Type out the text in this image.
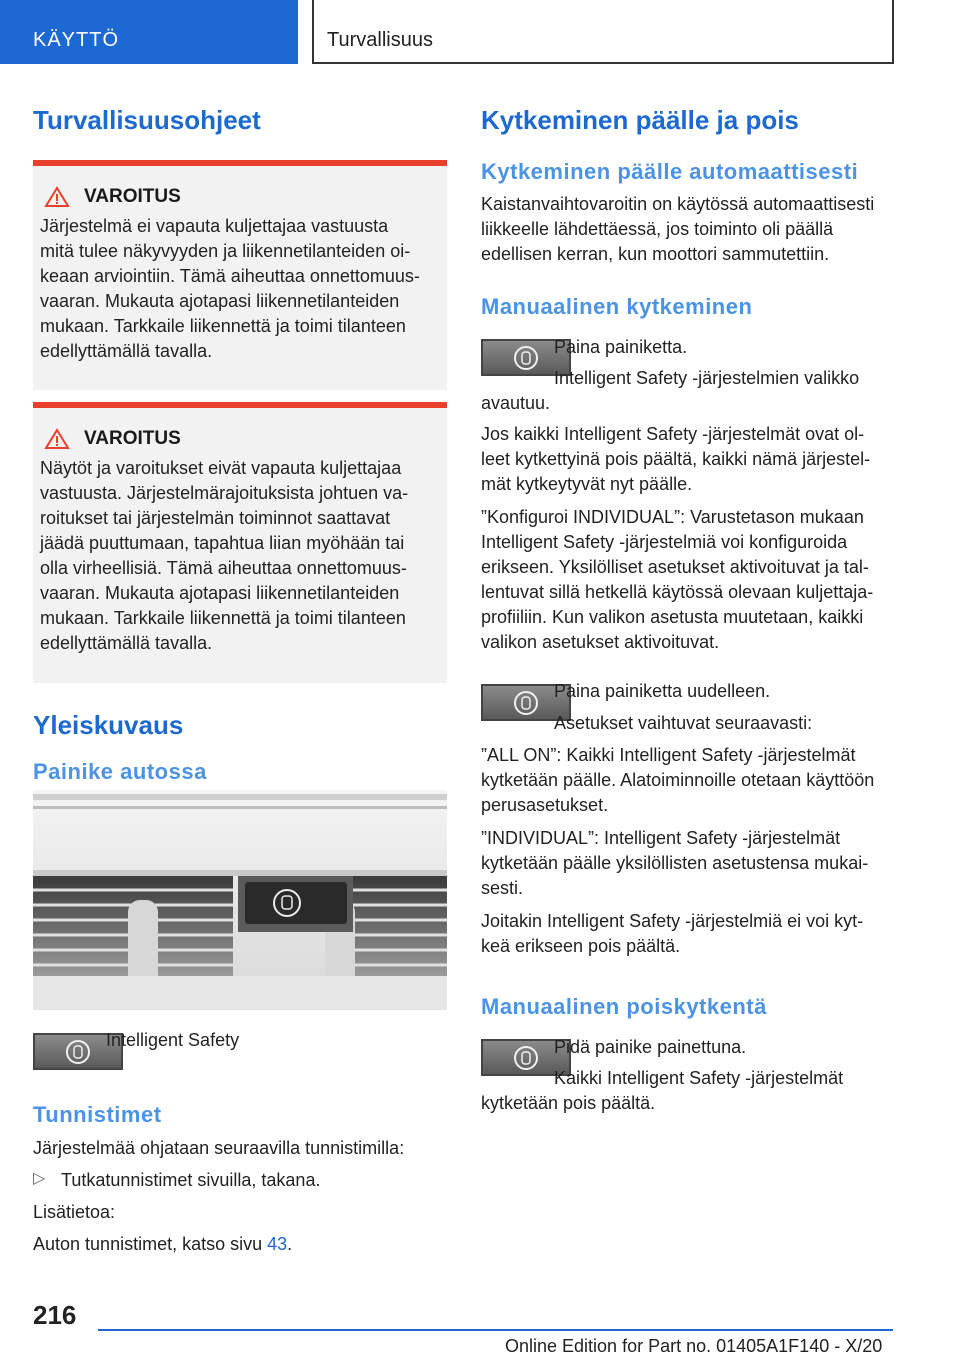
KÄYTTÖ	Turvallisuus
Turvallisuusohjeet
VAROITUS

Järjestelmä ei vapauta kuljettajaa vastuusta

mitä tulee näkyvyyden ja liikennetilanteiden oi-

keaan arviointiin. Tämä aiheuttaa onnettomuus-

vaaran. Mukauta ajotapasi liikennetilanteiden

mukaan. Tarkkaile liikennettä ja toimi tilanteen

edellyttämällä tavalla.

VAROITUS

Näytöt ja varoitukset eivät vapauta kuljettajaa

vastuusta. Järjestelmärajoituksista johtuen va-

roitukset tai järjestelmän toiminnot saattavat

jäädä puuttumaan, tapahtua liian myöhään tai

olla virheellisiä. Tämä aiheuttaa onnettomuus-

vaaran. Mukauta ajotapasi liikennetilanteiden

mukaan. Tarkkaile liikennettä ja toimi tilanteen

edellyttämällä tavalla.

Yleiskuvaus
Painike autossa

Intelligent Safety

Tunnistimet

Järjestelmää ohjataan seuraavilla tunnistimilla:

▷ Tutkatunnistimet sivuilla, takana.

Lisätietoa:

Auton tunnistimet, katso sivu 43.

Kytkeminen päälle ja pois
Kytkeminen päälle automaattisesti

Kaistanvaihtovaroitin on käytössä automaattisesti

liikkeelle lähdettäessä, jos toiminto oli päällä

edellisen kerran, kun moottori sammutettiin.

Manuaalinen kytkeminen

Paina painiketta.

Intelligent Safety -järjestelmien valikko

avautuu.

Jos kaikki Intelligent Safety -järjestelmät ovat ol-

leet kytkettyinä pois päältä, kaikki nämä järjestel-

mät kytkeytyvät nyt päälle.

”Konfiguroi INDIVIDUAL”: Varustetason mukaan

Intelligent Safety -järjestelmiä voi konfiguroida

erikseen. Yksilölliset asetukset aktivoituvat ja tal-

lentuvat sillä hetkellä käytössä olevaan kuljettaja-

profiiliin. Kun valikon asetusta muutetaan, kaikki

valikon asetukset aktivoituvat.

Paina painiketta uudelleen.

Asetukset vaihtuvat seuraavasti:

”ALL ON”: Kaikki Intelligent Safety -järjestelmät

kytketään päälle. Alatoiminnoille otetaan käyttöön

perusasetukset.

”INDIVIDUAL”: Intelligent Safety -järjestelmät

kytketään päälle yksilöllisten asetustensa mukai-

sesti.

Joitakin Intelligent Safety -järjestelmiä ei voi kyt-

keä erikseen pois päältä.

Manuaalinen poiskytkentä

Pidä painike painettuna.

Kaikki Intelligent Safety -järjestelmät

kytketään pois päältä.

216
Online Edition for Part no. 01405A1F140 - X/20
